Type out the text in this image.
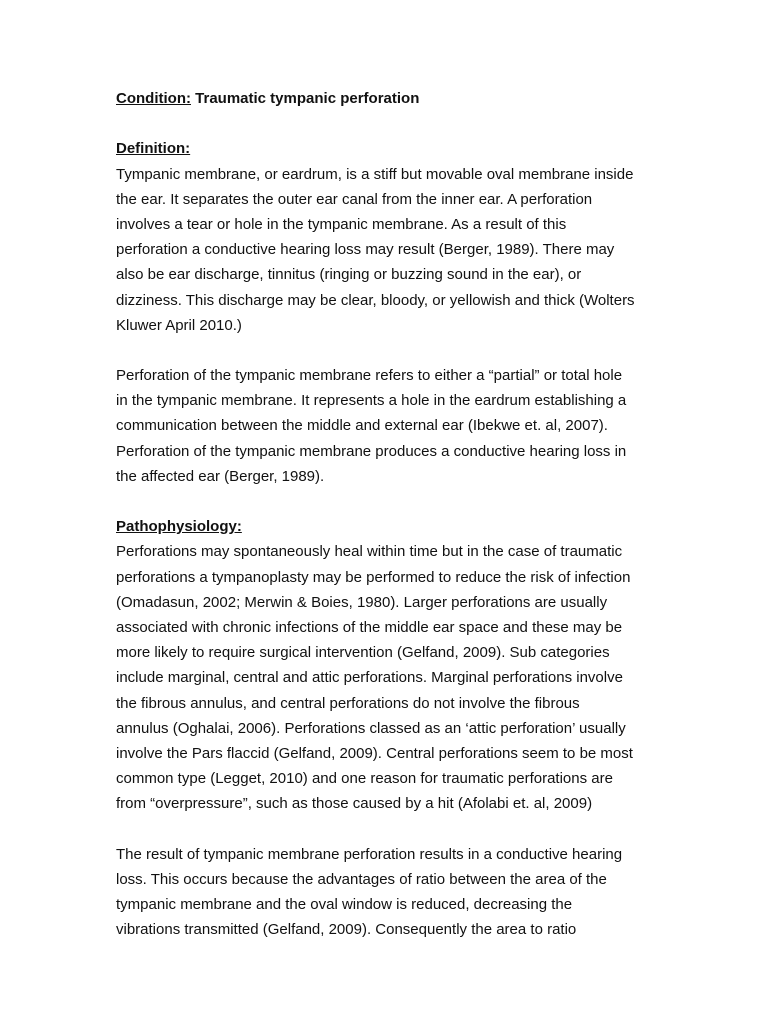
Condition: Traumatic tympanic perforation
Definition:
Tympanic membrane, or eardrum, is a stiff but movable oval membrane inside
the ear. It separates the outer ear canal from the inner ear. A perforation
involves a tear or hole in the tympanic membrane. As a result of this
perforation a conductive hearing loss may result (Berger, 1989). There may
also be ear discharge, tinnitus (ringing or buzzing sound in the ear), or
dizziness. This discharge may be clear, bloody, or yellowish and thick (Wolters
Kluwer April 2010.)
Perforation of the tympanic membrane refers to either a “partial” or total hole
in the tympanic membrane. It represents a hole in the eardrum establishing a
communication between the middle and external ear (Ibekwe et. al, 2007).
Perforation of the tympanic membrane produces a conductive hearing loss in
the affected ear (Berger, 1989).
Pathophysiology:
Perforations may spontaneously heal within time but in the case of traumatic
perforations a tympanoplasty may be performed to reduce the risk of infection
(Omadasun, 2002; Merwin & Boies, 1980). Larger perforations are usually
associated with chronic infections of the middle ear space and these may be
more likely to require surgical intervention (Gelfand, 2009). Sub categories
include marginal, central and attic perforations. Marginal perforations involve
the fibrous annulus, and central perforations do not involve the fibrous
annulus (Oghalai, 2006). Perforations classed as an ‘attic perforation’ usually
involve the Pars flaccid (Gelfand, 2009). Central perforations seem to be most
common type (Legget, 2010) and one reason for traumatic perforations are
from “overpressure”, such as those caused by a hit (Afolabi et. al, 2009)
The result of tympanic membrane perforation results in a conductive hearing
loss. This occurs because the advantages of ratio between the area of the
tympanic membrane and the oval window is reduced, decreasing the
vibrations transmitted (Gelfand, 2009). Consequently the area to ratio
